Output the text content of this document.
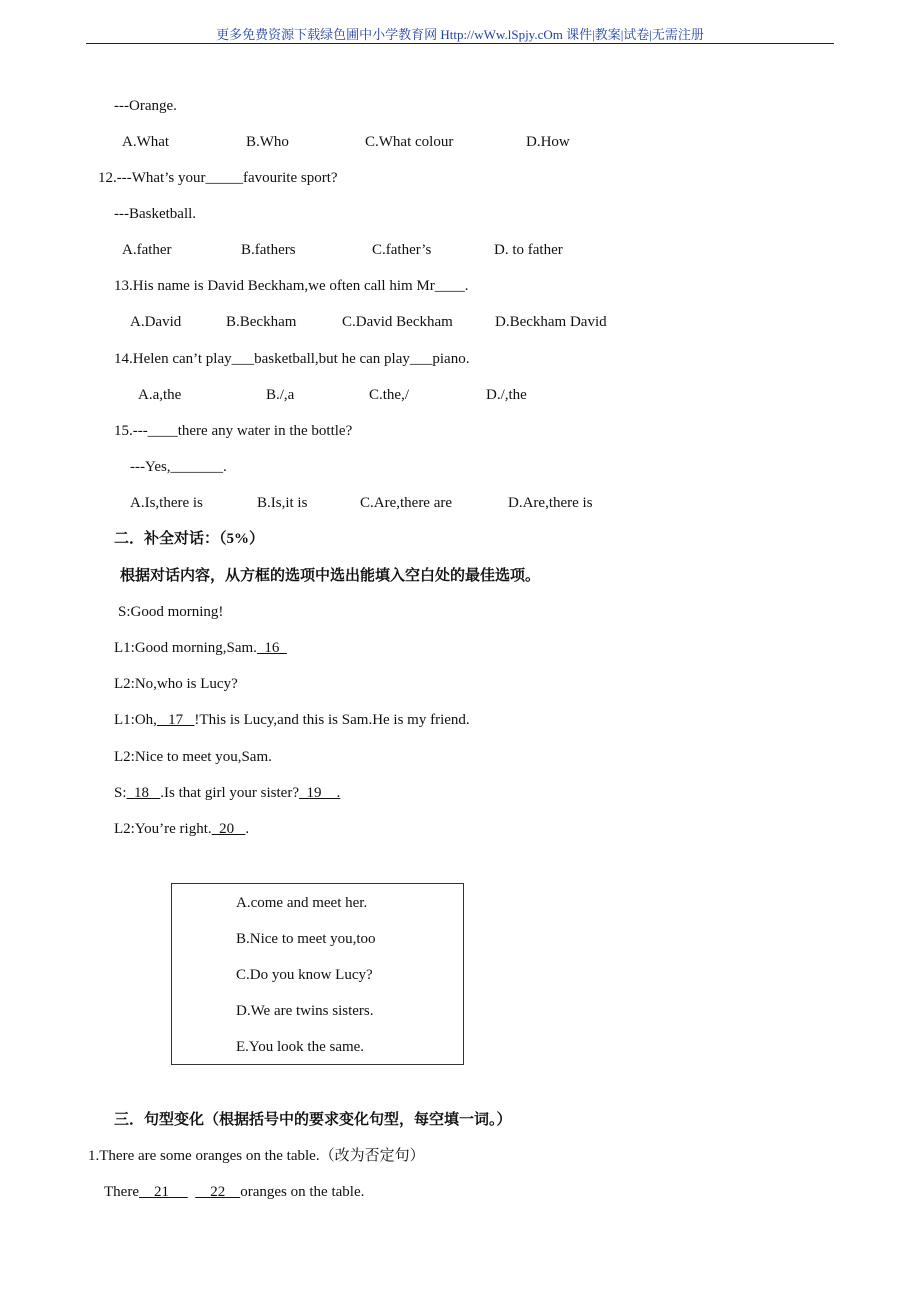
更多免费资源下载绿色圃中小学教育网 Http://wWw.lSpjy.cOm 课件|教案|试卷|无需注册
---Orange.
A.What	B.Who	C.What colour	D.How
12.---What’s your_____favourite sport?
---Basketball.
A.father	B.fathers	C.father’s	D. to father
13.His name is David Beckham,we often call him Mr____.
A.David	B.Beckham	C.David Beckham	D.Beckham David
14.Helen can’t play___basketball,but he can play___piano.
A.a,the	B./,a	C.the,/	D./,the
15.---____there any water in the bottle?
---Yes,_______.
A.Is,there is	B.Is,it is	C.Are,there are	D.Are,there is
二．补全对话：（5%）
根据对话内容，从方框的选项中选出能填入空白处的最佳选项。
S:Good morning!
L1:Good morning,Sam.  16
L2:No,who is Lucy?
L1:Oh,   17   !This is Lucy,and this is Sam.He is my friend.
L2:Nice to meet you,Sam.
S:  18   .Is that girl your sister?  19    .
L2:You’re right.  20   .
A.come and meet her.
B.Nice to meet you,too
C.Do you know Lucy?
D.We are twins sisters.
E.You look the same.
三．句型变化（根据括号中的要求变化句型，每空填一词。）
1.There are some oranges on the table.（改为否定句）
There    21           22    oranges on the table.
